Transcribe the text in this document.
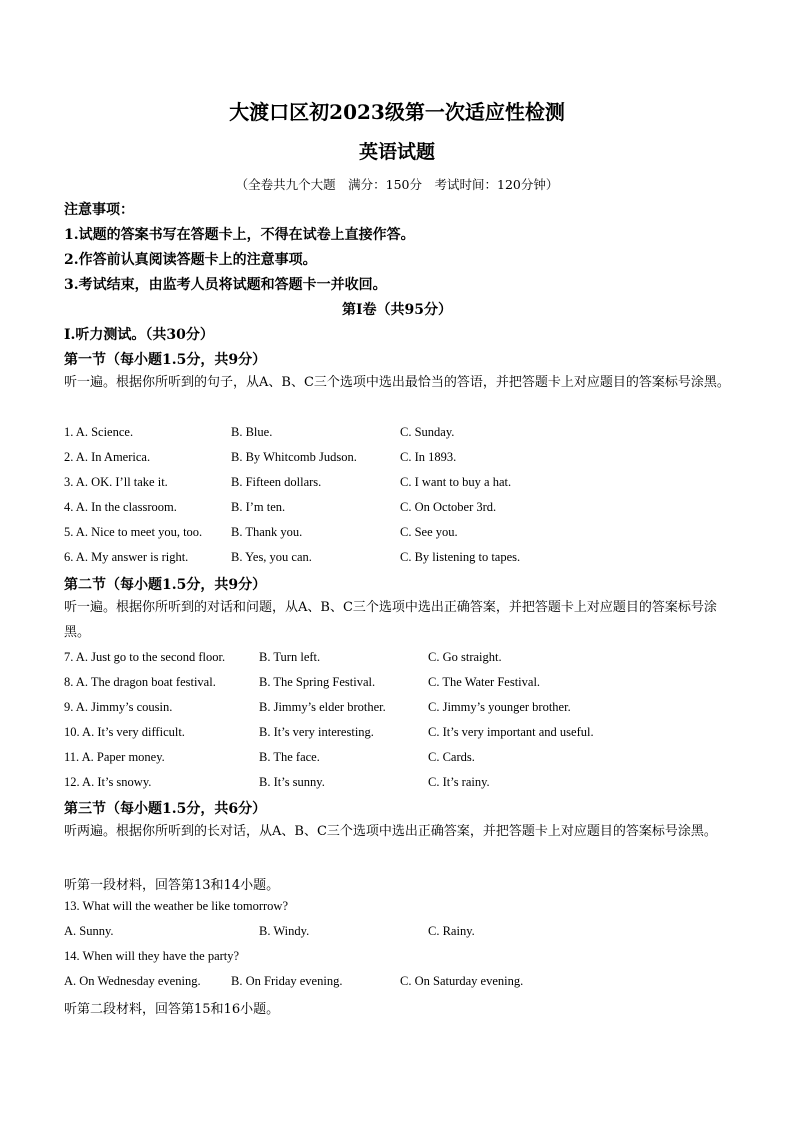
大渡口区初2023级第一次适应性检测
英语试题
（全卷共九个大题　满分：150分　考试时间：120分钟）
注意事项：
1.试题的答案书写在答题卡上，不得在试卷上直接作答。
2.作答前认真阅读答题卡上的注意事项。
3.考试结束，由监考人员将试题和答题卡一并收回。
第Ⅰ卷（共95分）
I.听力测试。（共30分）
第一节（每小题1.5分，共9分）
听一遍。根据你所听到的句子，从A、B、C三个选项中选出最恰当的答语，并把答题卡上对应题目的答案标号涂黑。
1. A. Science.	B. Blue.	C. Sunday.
2. A. In America.	B. By Whitcomb Judson.	C. In 1893.
3. A. OK. I’ll take it.	B. Fifteen dollars.	C. I want to buy a hat.
4. A. In the classroom.	B. I’m ten.	C. On October 3rd.
5. A. Nice to meet you, too. B. Thank you.	C. See you.
6. A. My answer is right.	B. Yes, you can.	C. By listening to tapes.
第二节（每小题1.5分，共9分）
听一遍。根据你所听到的对话和问题，从A、B、C三个选项中选出正确答案，并把答题卡上对应题目的答案标号涂黑。
7. A. Just go to the second floor.	B. Turn left.	C. Go straight.
8. A. The dragon boat festival.	B. The Spring Festival.	C. The Water Festival.
9. A. Jimmy’s cousin.	B. Jimmy’s elder brother.	C. Jimmy’s younger brother.
10. A. It’s very difficult.	B. It’s very interesting.	C. It’s very important and useful.
11. A. Paper money.	B. The face.	C. Cards.
12. A. It’s snowy.	B. It’s sunny.	C. It’s rainy.
第三节（每小题1.5分，共6分）
听两遍。根据你所听到的长对话，从A、B、C三个选项中选出正确答案，并把答题卡上对应题目的答案标号涂黑。
听第一段材料，回答第13和14小题。
13. What will the weather be like tomorrow?
A. Sunny.	B. Windy.	C. Rainy.
14. When will they have the party?
A. On Wednesday evening. B. On Friday evening.	C. On Saturday evening.
听第二段材料，回答第15和16小题。
